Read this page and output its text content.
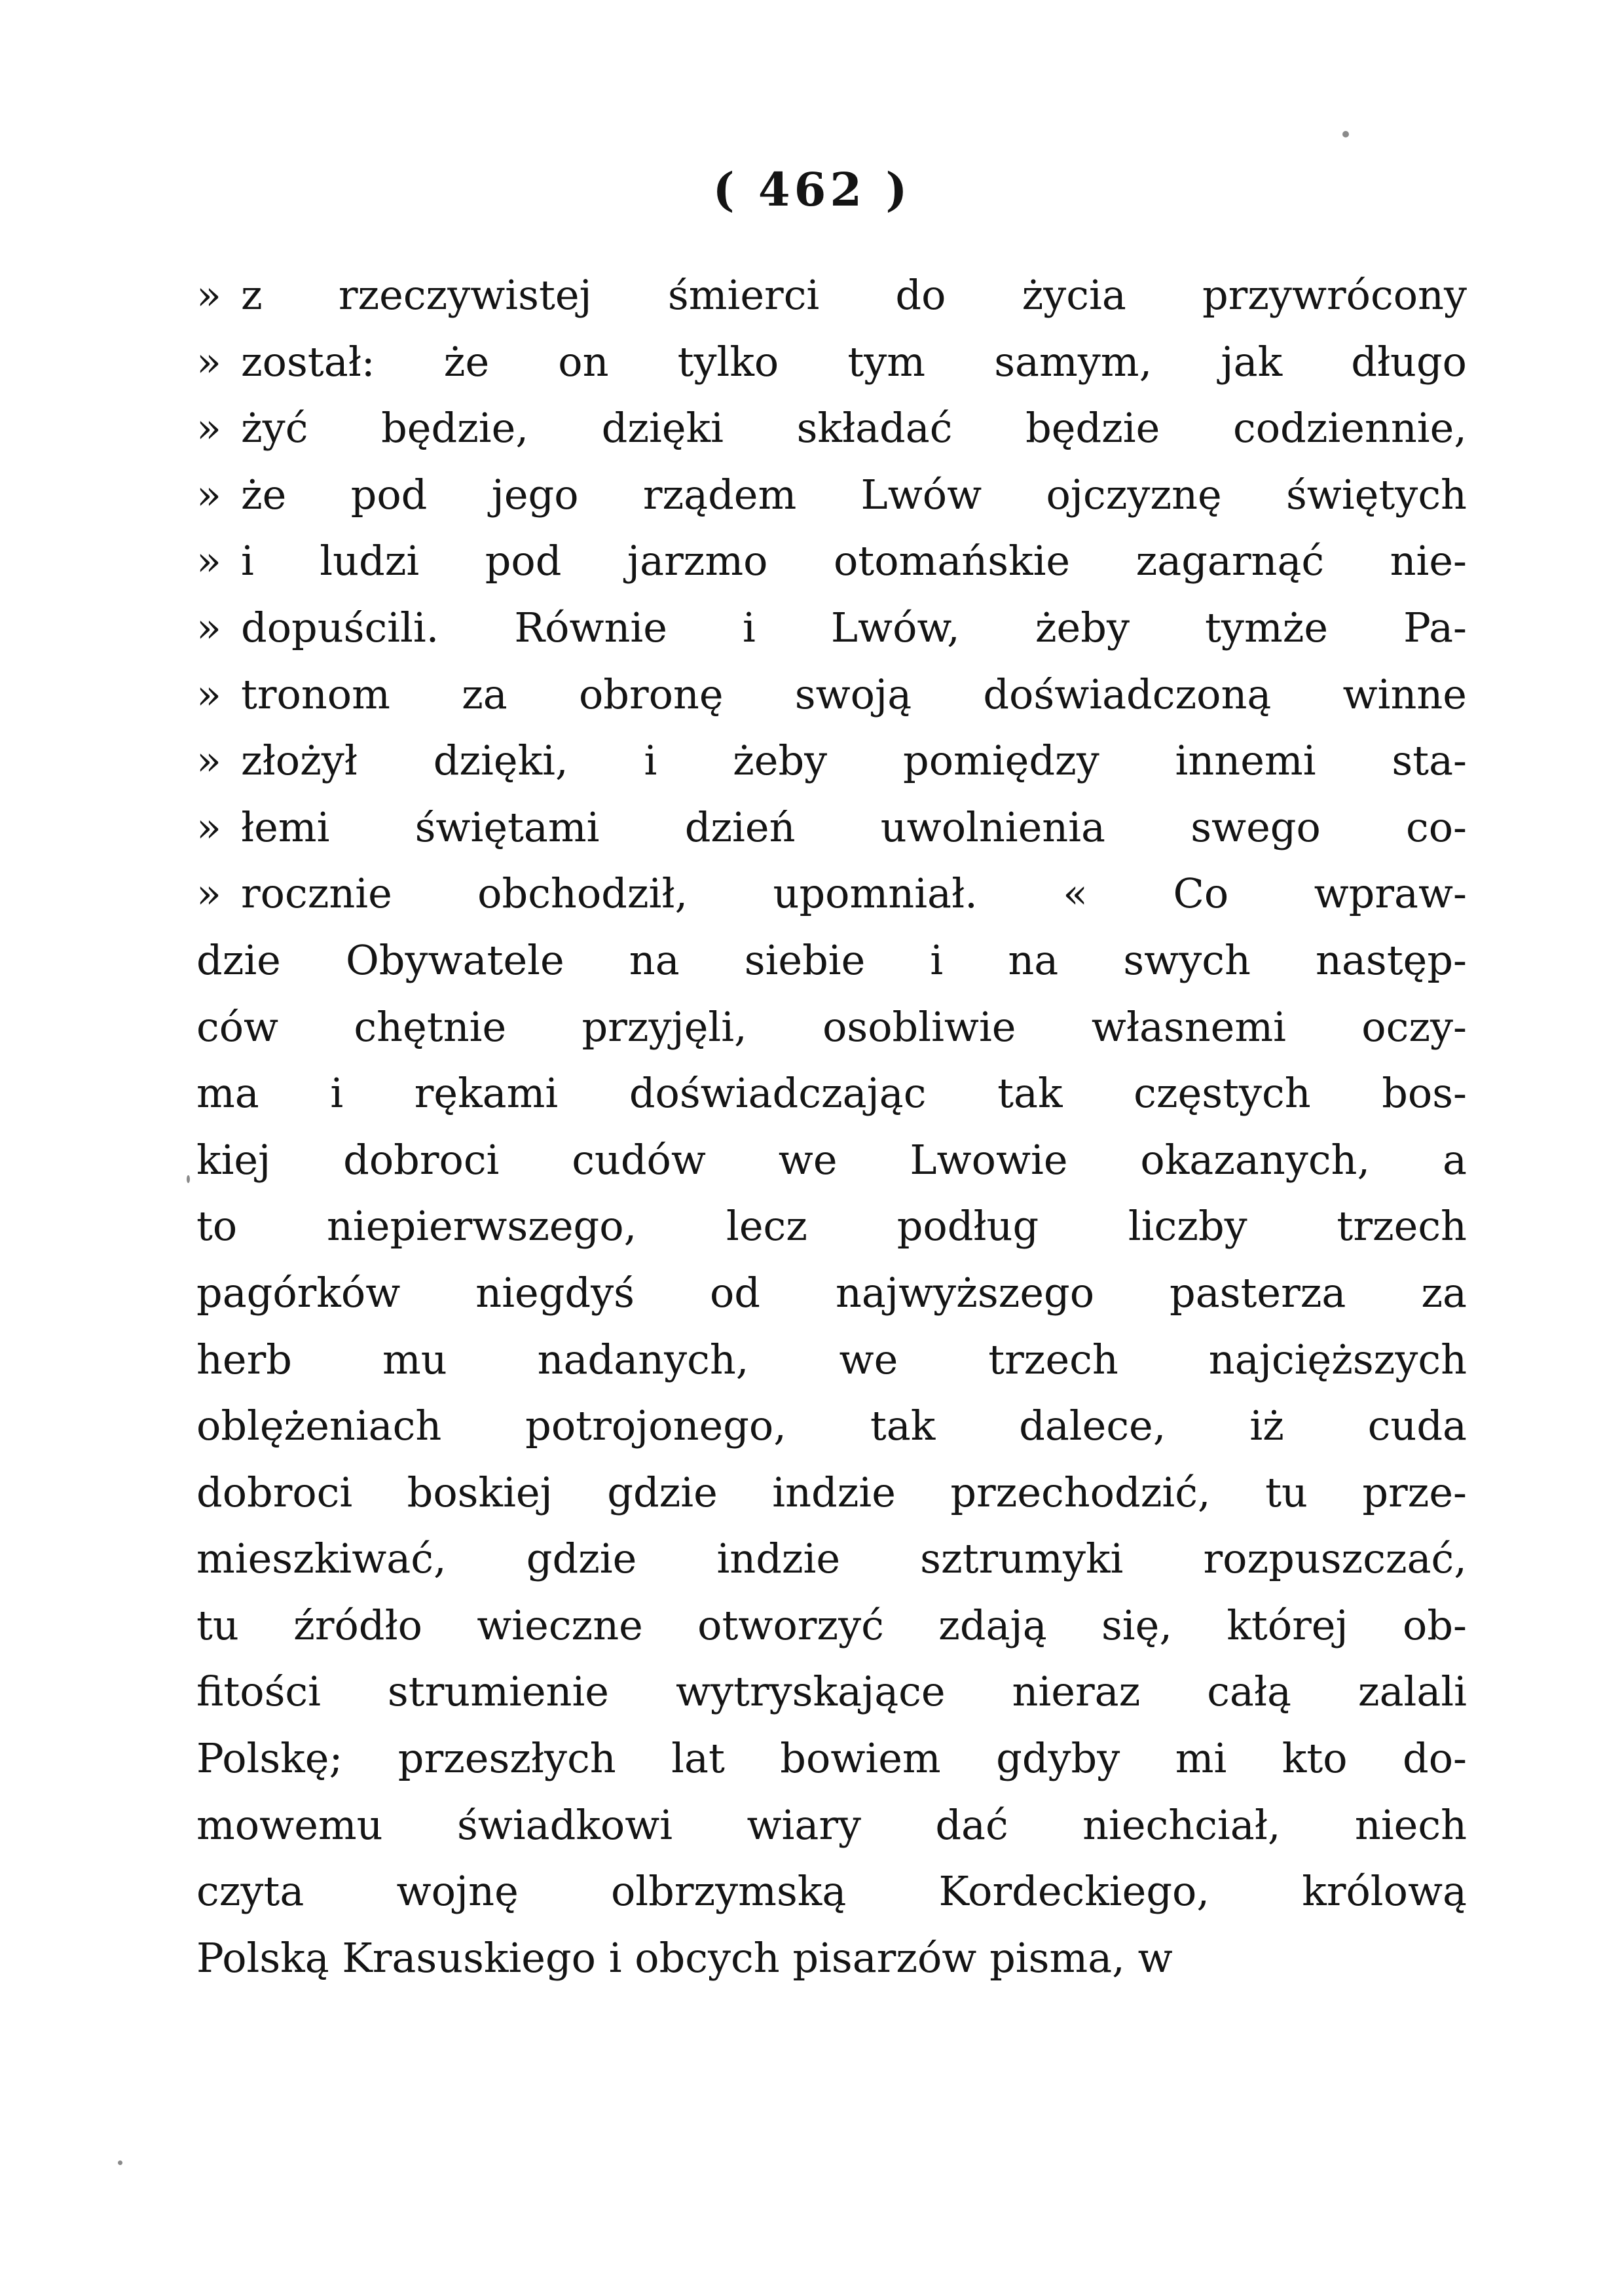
( 462 )
» z rzeczywistej śmierci do życia przywrócony
» został: że on tylko tym samym, jak długo
» żyć będzie, dzięki składać będzie codziennie,
» że pod jego rządem Lwów ojczyznę świętych
» i ludzi pod jarzmo otomańskie zagarnąć nie-
» dopuścili. Równie i Lwów, żeby tymże Pa-
» tronom za obronę swoją doświadczoną winne
» złożył dzięki, i żeby pomiędzy innemi sta-
» łemi świętami dzień uwolnienia swego co-
» rocznie obchodził, upomniał. « Co wpraw-
dzie Obywatele na siebie i na swych następ-
ców chętnie przyjęli, osobliwie własnemi oczy-
ma i rękami doświadczając tak częstych bos-
kiej dobroci cudów we Lwowie okazanych, a
to niepierwszego, lecz podług liczby trzech
pagórków niegdyś od najwyższego pasterza za
herb mu nadanych, we trzech najcięższych
oblężeniach potrojonego, tak dalece, iż cuda
dobroci boskiej gdzie indzie przechodzić, tu prze-
mieszkiwać, gdzie indzie sztrumyki rozpuszczać,
tu źródło wieczne otworzyć zdają się, której ob-
fitości strumienie wytryskające nieraz całą zalali
Polskę; przeszłych lat bowiem gdyby mi kto do-
mowemu świadkowi wiary dać niechciał, niech
czyta wojnę olbrzymską Kordeckiego, królową
Polską Krasuskiego i obcych pisarzów pisma, w
